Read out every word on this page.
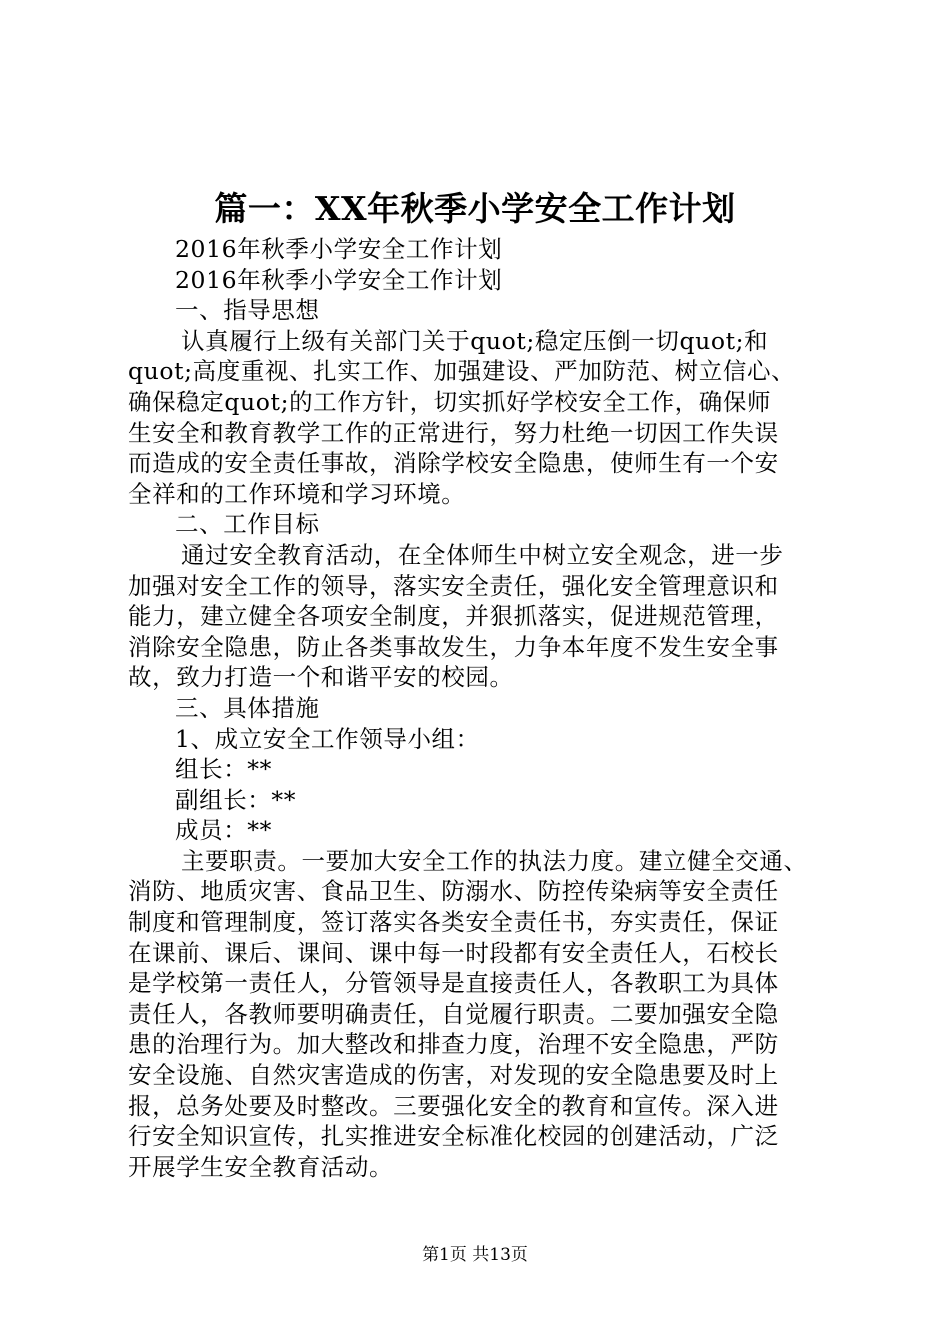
篇一：XX年秋季小学安全工作计划
2016年秋季小学安全工作计划
2016年秋季小学安全工作计划
一、指导思想
认真履行上级有关部门关于quot;稳定压倒一切quot;和
quot;高度重视、扎实工作、加强建设、严加防范、树立信心、
确保稳定quot;的工作方针，切实抓好学校安全工作，确保师
生安全和教育教学工作的正常进行，努力杜绝一切因工作失误
而造成的安全责任事故，消除学校安全隐患，使师生有一个安
全祥和的工作环境和学习环境。
二、工作目标
通过安全教育活动，在全体师生中树立安全观念，进一步
加强对安全工作的领导，落实安全责任，强化安全管理意识和
能力，建立健全各项安全制度，并狠抓落实，促进规范管理，
消除安全隐患，防止各类事故发生，力争本年度不发生安全事
故，致力打造一个和谐平安的校园。
三、具体措施
1、成立安全工作领导小组：
组长：**
副组长：**
成员：**
主要职责。一要加大安全工作的执法力度。建立健全交通、
消防、地质灾害、食品卫生、防溺水、防控传染病等安全责任
制度和管理制度，签订落实各类安全责任书，夯实责任，保证
在课前、课后、课间、课中每一时段都有安全责任人，石校长
是学校第一责任人，分管领导是直接责任人，各教职工为具体
责任人，各教师要明确责任，自觉履行职责。二要加强安全隐
患的治理行为。加大整改和排查力度，治理不安全隐患，严防
安全设施、自然灾害造成的伤害，对发现的安全隐患要及时上
报，总务处要及时整改。三要强化安全的教育和宣传。深入进
行安全知识宣传，扎实推进安全标准化校园的创建活动，广泛
开展学生安全教育活动。
第1页 共13页
